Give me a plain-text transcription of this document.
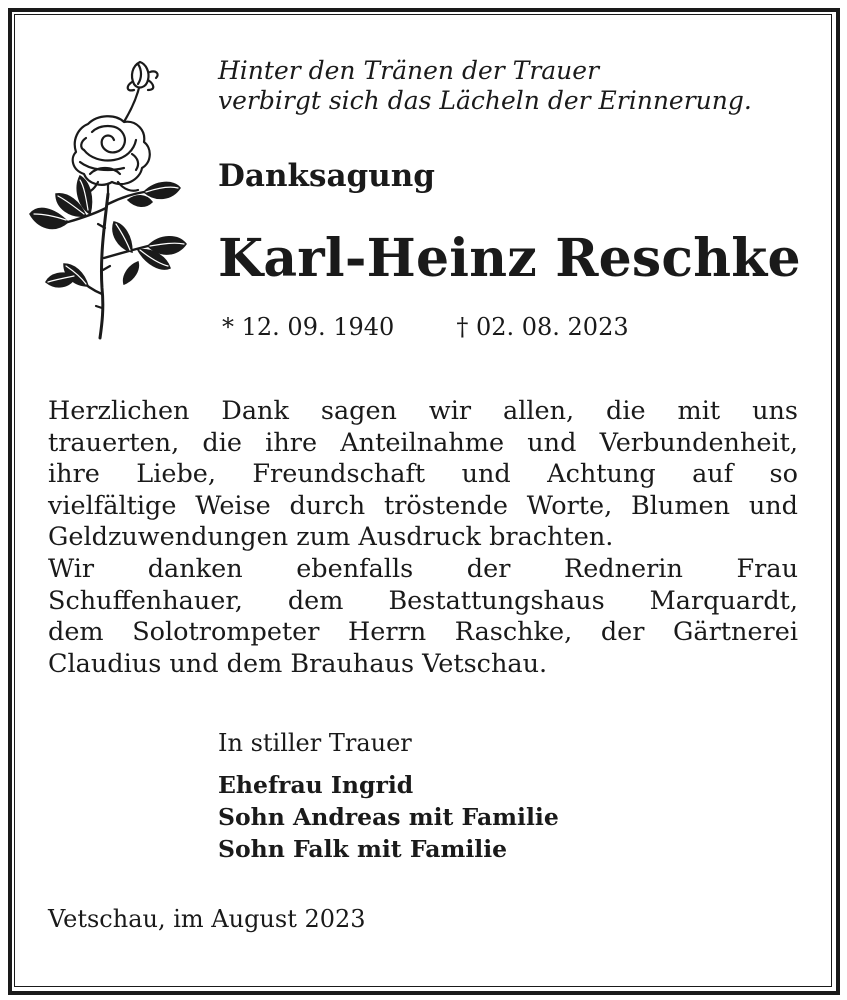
Hinter den Tränen der Trauer
verbirgt sich das Lächeln der Erinnerung.
Danksagung
Karl-Heinz Reschke
* 12. 09. 1940	† 02. 08. 2023
Herzlichen Dank sagen wir allen, die mit uns
trauerten, die ihre Anteilnahme und Verbundenheit,
ihre Liebe, Freundschaft und Achtung auf so
vielfältige Weise durch tröstende Worte, Blumen und
Geldzuwendungen zum Ausdruck brachten.
Wir danken ebenfalls der Rednerin Frau
Schuffenhauer, dem Bestattungshaus Marquardt,
dem Solotrompeter Herrn Raschke, der Gärtnerei
Claudius und dem Brauhaus Vetschau.
In stiller Trauer
Ehefrau Ingrid
Sohn Andreas mit Familie
Sohn Falk mit Familie
Vetschau, im August 2023
